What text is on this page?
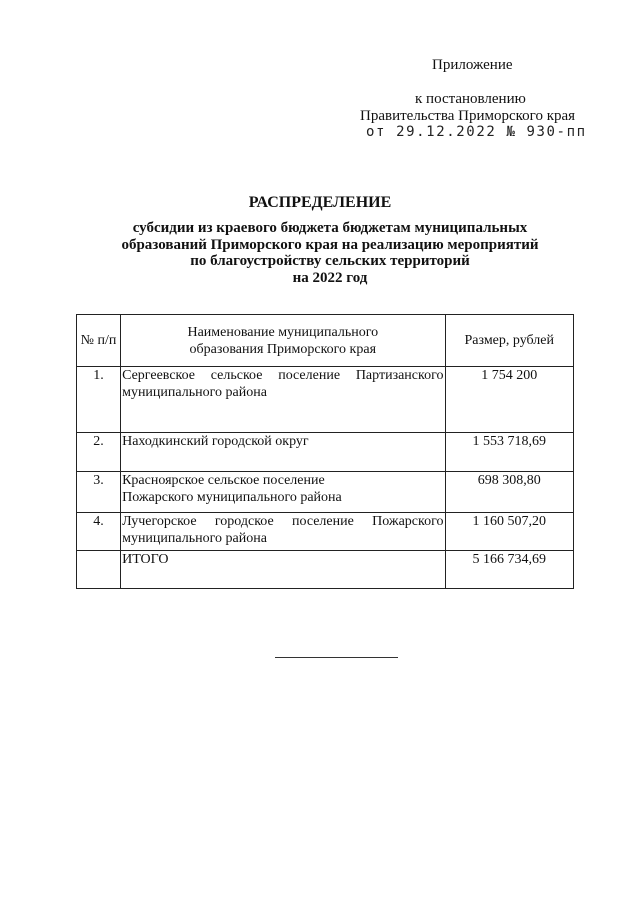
Приложение
к постановлению
Правительства Приморского края
от 29.12.2022 № 930-пп
РАСПРЕДЕЛЕНИЕ
субсидии из краевого бюджета бюджетам муниципальных
образований Приморского края на реализацию мероприятий
по благоустройству сельских территорий
на 2022 год
№ п/п	Наименование муниципального
образования Приморского края	Размер, рублей
1.	Сергеевское сельское поселение Партизанского муниципального района	1 754 200
2.	Находкинский городской округ	1 553 718,69
3.	Красноярское сельское поселение
Пожарского муниципального района	698 308,80
4.	Лучегорское городское поселение Пожарского муниципального района	1 160 507,20
	ИТОГО	5 166 734,69
